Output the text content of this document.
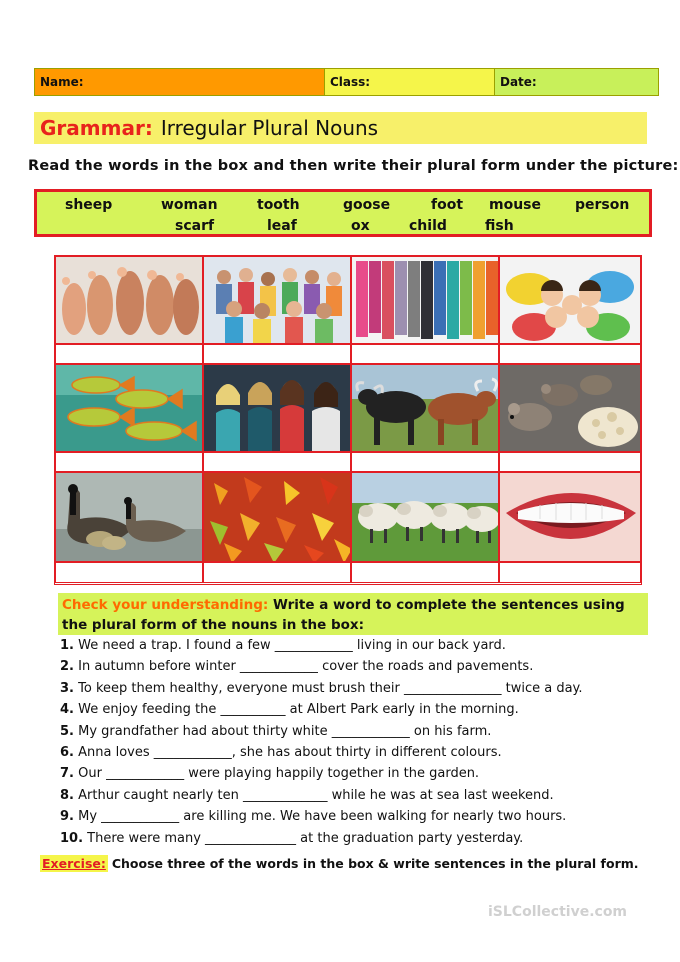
Name:	Class:	Date:
Grammar: Irregular Plural Nouns
Read the words in the box and then write their plural form under the picture:
sheep	woman	tooth	goose	foot mouse person
scarf	leaf	ox	child	fish
Check your understanding: Write a word to complete the sentences using the plural form of the nouns in the box:
1. We need a trap. I found a few ____________ living in our back yard.
2. In autumn before winter ____________ cover the roads and pavements.
3. To keep them healthy, everyone must brush their _______________ twice a day.
4. We enjoy feeding the __________ at Albert Park early in the morning.
5. My grandfather had about thirty white ____________ on his farm.
6. Anna loves ____________, she has about thirty in different colours.
7. Our ____________ were playing happily together in the garden.
8. Arthur caught nearly ten _____________ while he was at sea last weekend.
9. My ____________ are killing me. We have been walking for nearly two hours.
10. There were many ______________ at the graduation party yesterday.
Exercise: Choose three of the words in the box & write sentences in the plural form.
iSLCollective.com
